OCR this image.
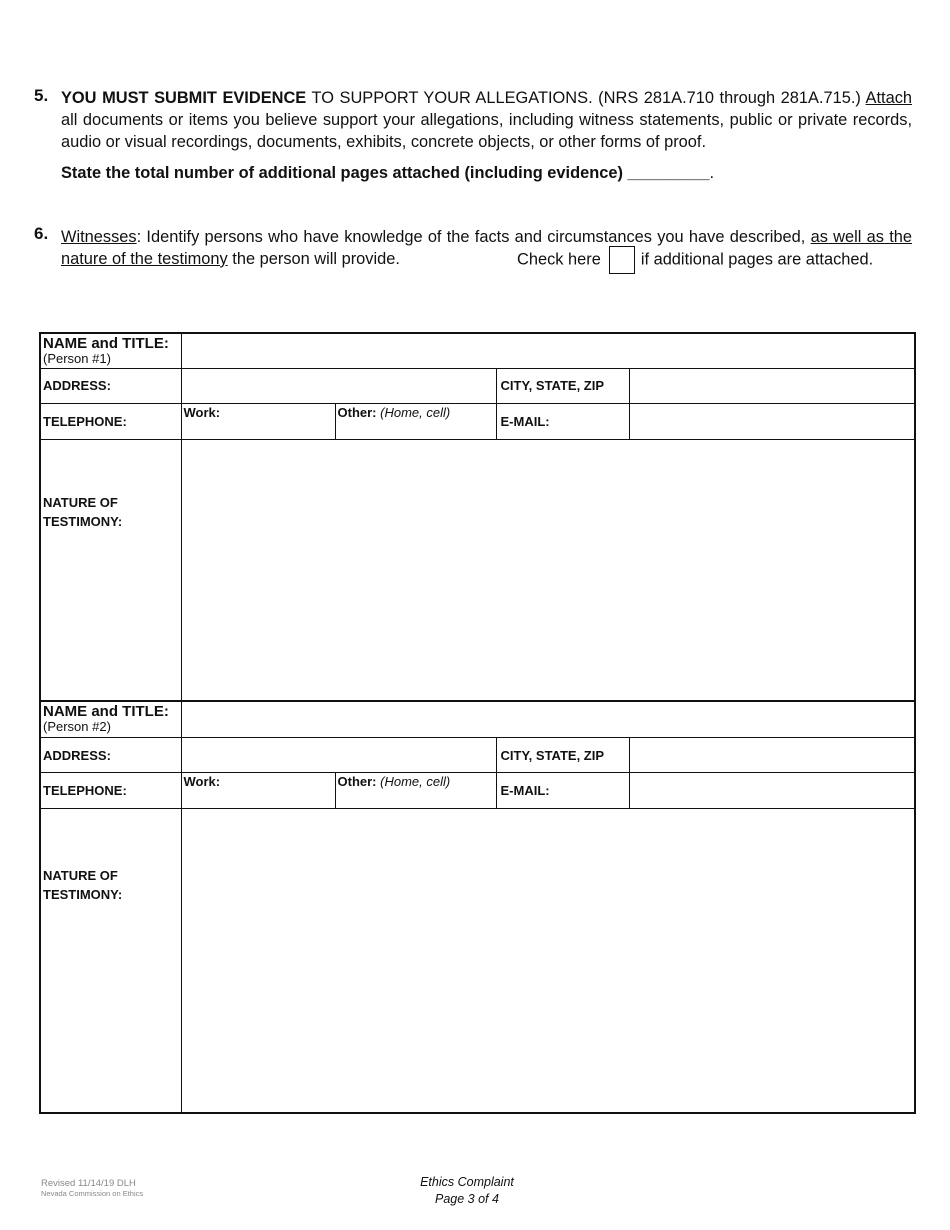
5. YOU MUST SUBMIT EVIDENCE TO SUPPORT YOUR ALLEGATIONS. (NRS 281A.710 through 281A.715.) Attach all documents or items you believe support your allegations, including witness statements, public or private records, audio or visual recordings, documents, exhibits, concrete objects, or other forms of proof.
State the total number of additional pages attached (including evidence) _________.
6. Witnesses: Identify persons who have knowledge of the facts and circumstances you have described, as well as the nature of the testimony the person will provide.	Check here if additional pages are attached.
NAME and TITLE:
(Person #1)				

ADDRESS:			CITY, STATE, ZIP	
TELEPHONE:	Work:	Other: (Home, cell)	E-MAIL:	

NATURE OF
TESTIMONY:				

NAME and TITLE:
(Person #2)				

ADDRESS:			CITY, STATE, ZIP	
TELEPHONE:	Work:	Other: (Home, cell)	E-MAIL:	

NATURE OF
TESTIMONY:				

Revised 11/14/19 DLH
Nevada Commission on Ethics
Ethics Complaint
Page 3 of 4
